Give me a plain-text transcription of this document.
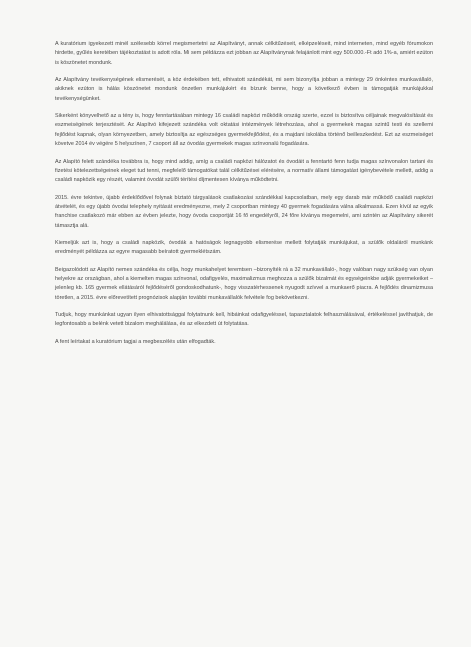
A kuratórium igyekezett minél szélesebb körrel megismertetni az Alapítványt, annak célkitűzéseit, elképzeléseit, mind interneten, mind egyéb fórumokon hirdette, gyűlés keretében tájékoztatást is adott róla. Mi sem példázza ezt jobban az Alapítványnak felajánlott mint egy 500.000.-Ft adó 1%-a, amiért ezúton is köszönetet mondunk.

Az Alapítvány tevékenységének elismerését, a köz érdekében tett, elhivatott szándékát, mi sem bizonyítja jobban a mintegy 29 önkéntes munkavállaló, akiknek ezúton is hálás köszönetet mondunk önzetlen munkájukért és bízunk benne, hogy a következő évben is támogatják munkájukkal tevékenységünket.

Sikerként könyvelhető az a tény is, hogy fenntartásában mintegy 16 családi napközi működik ország szerte, ezzel is biztosítva céljainak megvalósítását és eszmeiségének terjesztését. Az Alapítvó kifejezett szándéka volt oktatási intézmények létrehozása, ahol a gyermekek magas szintű testi és szellemi fejlődést kapnak, olyan környezetben, amely biztosítja az egészséges gyermekfejlődést, és a majdani iskolába történő beilleszkedést. Ezt az eszmeiséget követve 2014 év végére 5 helyszínen, 7 csoport áll az óvodás gyermekek magas színvonalú fogadására.

Az Alapító felett szándéka továbbra is, hogy mind addig, amíg a családi napközi hálózatot és óvodáit a fenntartó fenn tudja magas színvonalon tartani és fizetési kötelezettségeinek eleget tud tenni, megfelelő támogatókat talál célkitűzései elérésére, a normatív állami támogatást igénybevétele mellett, addig a családi napközik egy részét, valamint óvodát szülői térítési díjmentesen kíványa működtetni.

2015. évre tekintve, újabb érdeklődővel folynak bíztató tárgyalások csatlakozási szándékkal kapcsolatban, mely egy darab már működő családi napközi átvételét, és egy újabb óvodai telephely nyitását eredményezne, mely 2 csoportban mintegy 40 gyermek fogadására válna alkalmassá. Ezen kívül az egyik franchise csatlakozó már ebben az évben jelezte, hogy óvoda csoportját 16 fő engedélyről, 24 főre kíványa megemelni, ami szintén az Alapítvány sikerét támasztja alá.

Kiemeljük azt is, hogy a családi napközik, óvodák a hatóságok legnagyobb elismerése mellett folytatják munkájukat, a szülők oldaláról munkánk eredményét példázza az egyre magasabb beíratott gyermeklétszám.

Beigazolódott az Alapító nemes szándéka és célja, hogy munkahelyet teremtsen –bizonyíték rá a 32 munkavállaló-, hogy valóban nagy szükség van olyan helyekre az országban, ahol a kiemelten magas színvonal, odafigyelés, maximalizmus meghozza a szülők bizalmát és egységeinkbe adják gyermekeiket –jelenleg kb. 165 gyermek ellátásáról fejlődéséről gondoskodhatunk-, hogy visszatérhessenek nyugodt szívvel a munkaerő piacra. A fejlődés dinamizmusa töretlen, a 2015. évre előrevetített prognózisok alapján további munkavállalók felvétele fog bekövetkezni.

Tudjuk, hogy munkánkat ugyan ilyen elhivatottsággal folytatnunk kell, hibáinkat odafigyeléssel, tapasztalatok felhasználásával, értékeléssel javíthatjuk, de legfontosabb a belénk vetett bizalom meghálálása, és az elkezdett út folytatása.

A fent leírtakat a kuratórium tagjai a megbeszélés után elfogadták.
